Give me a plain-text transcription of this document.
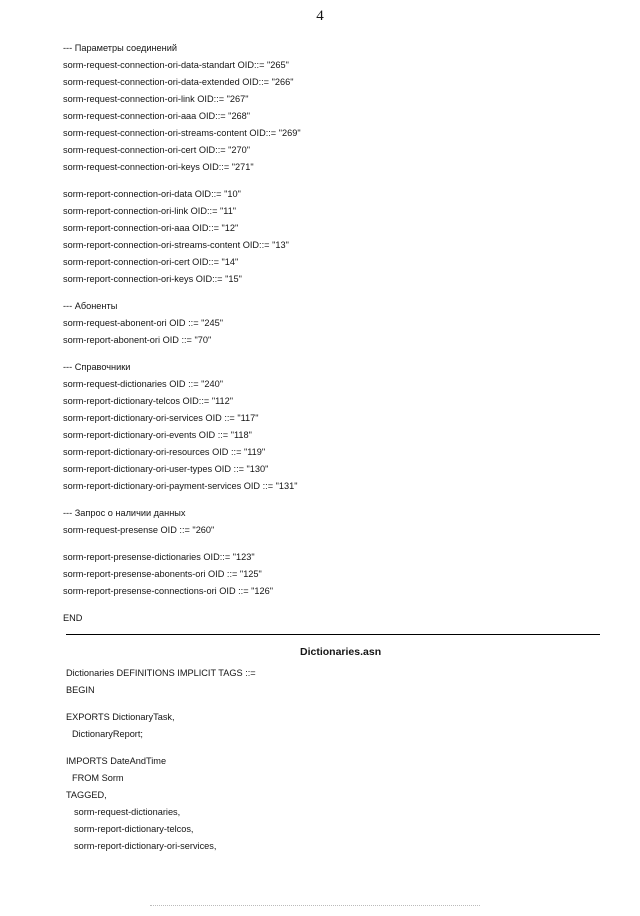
4
--- Параметры соединений
sorm-request-connection-ori-data-standart OID::= "265"
sorm-request-connection-ori-data-extended OID::= "266"
sorm-request-connection-ori-link OID::= "267"
sorm-request-connection-ori-aaa OID::= "268"
sorm-request-connection-ori-streams-content OID::= "269"
sorm-request-connection-ori-cert OID::= "270"
sorm-request-connection-ori-keys OID::= "271"
sorm-report-connection-ori-data OID::= "10"
sorm-report-connection-ori-link OID::= "11"
sorm-report-connection-ori-aaa OID::= "12"
sorm-report-connection-ori-streams-content OID::= "13"
sorm-report-connection-ori-cert OID::= "14"
sorm-report-connection-ori-keys OID::= "15"
--- Абоненты
sorm-request-abonent-ori OID ::= "245"
sorm-report-abonent-ori OID ::= "70"
--- Справочники
sorm-request-dictionaries OID ::= "240"
sorm-report-dictionary-telcos OID::= "112"
sorm-report-dictionary-ori-services OID ::= "117"
sorm-report-dictionary-ori-events OID ::= "118"
sorm-report-dictionary-ori-resources OID ::= "119"
sorm-report-dictionary-ori-user-types OID ::= "130"
sorm-report-dictionary-ori-payment-services OID ::= "131"
--- Запрос о наличии данных
sorm-request-presense OID ::= "260"
sorm-report-presense-dictionaries OID::= "123"
sorm-report-presense-abonents-ori OID ::= "125"
sorm-report-presense-connections-ori OID ::= "126"
END
Dictionaries.asn
Dictionaries DEFINITIONS IMPLICIT TAGS ::=
BEGIN
EXPORTS DictionaryTask,
DictionaryReport;
IMPORTS DateAndTime
FROM Sorm
TAGGED,
sorm-request-dictionaries,
sorm-report-dictionary-telcos,
sorm-report-dictionary-ori-services,
